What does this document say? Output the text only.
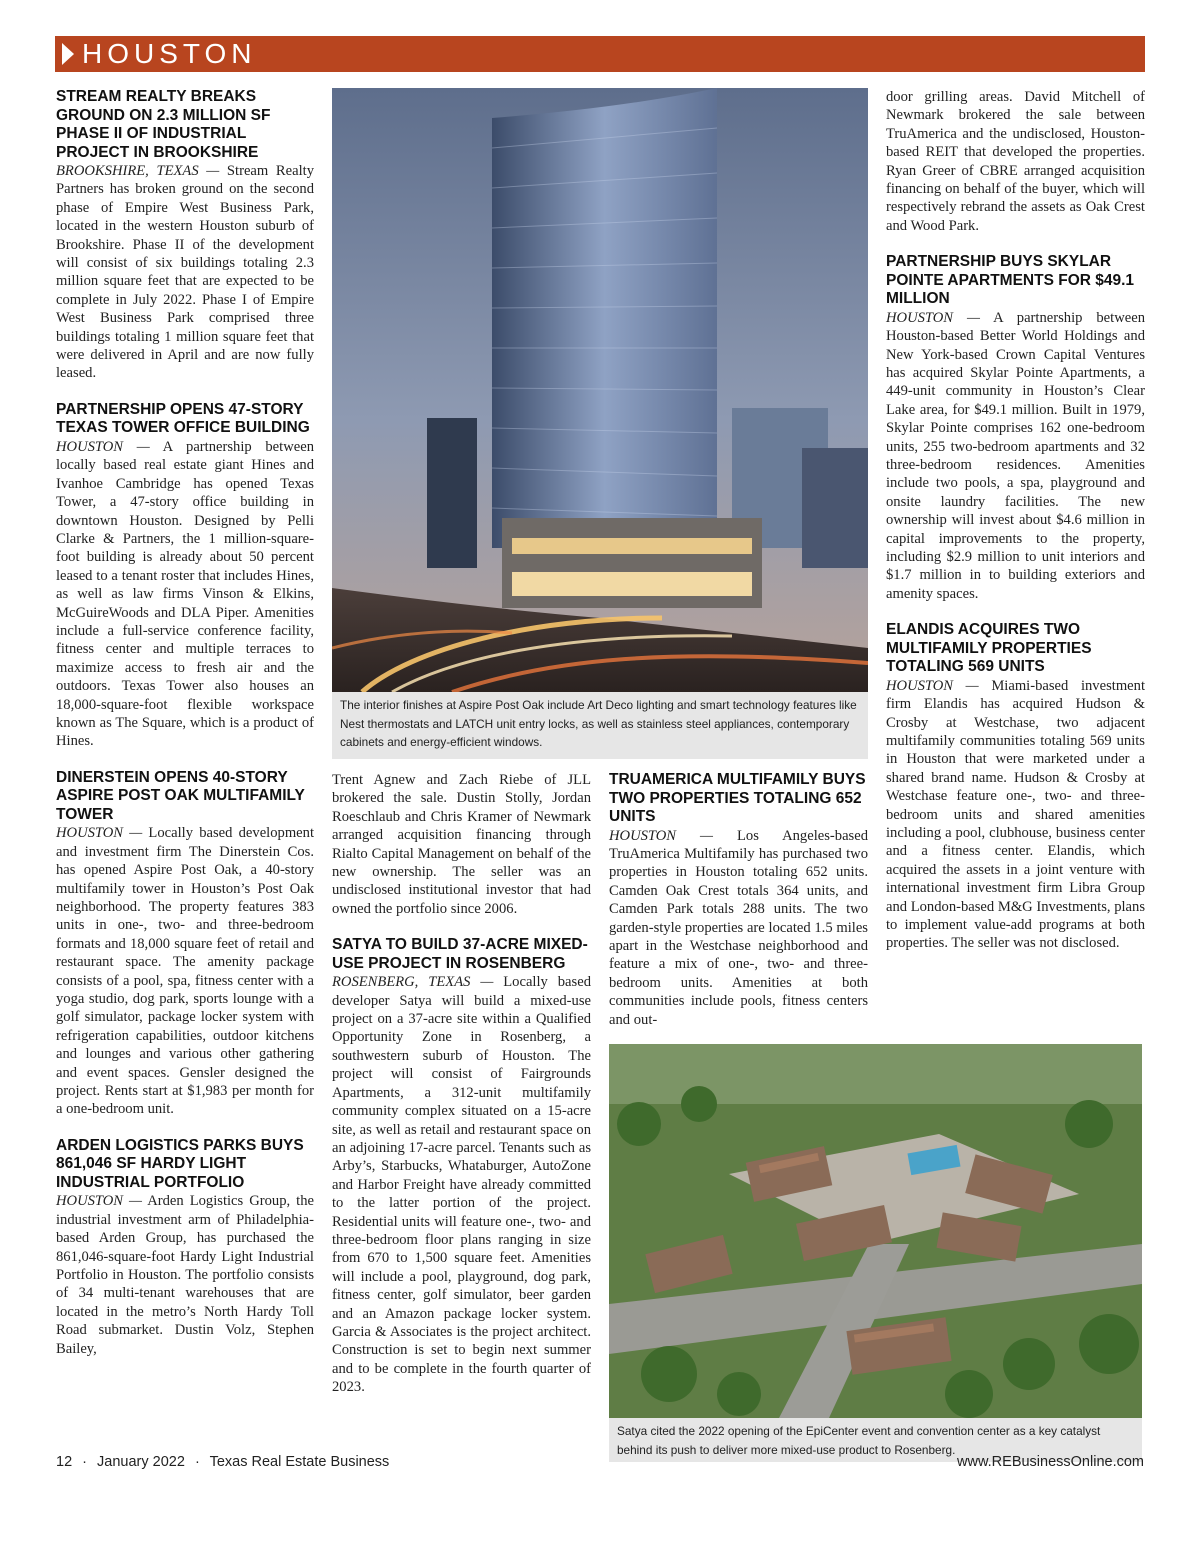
HOUSTON
STREAM REALTY BREAKS GROUND ON 2.3 MILLION SF PHASE II OF INDUSTRIAL PROJECT IN BROOKSHIRE
BROOKSHIRE, TEXAS — Stream Realty Partners has broken ground on the second phase of Empire West Business Park, located in the western Houston suburb of Brookshire. Phase II of the development will consist of six buildings totaling 2.3 million square feet that are expected to be complete in July 2022. Phase I of Empire West Business Park comprised three buildings totaling 1 million square feet that were delivered in April and are now fully leased.
PARTNERSHIP OPENS 47-STORY TEXAS TOWER OFFICE BUILDING
HOUSTON — A partnership between locally based real estate giant Hines and Ivanhoe Cambridge has opened Texas Tower, a 47-story office building in downtown Houston. Designed by Pelli Clarke & Partners, the 1 million-square-foot building is already about 50 percent leased to a tenant roster that includes Hines, as well as law firms Vinson & Elkins, McGuireWoods and DLA Piper. Amenities include a full-service conference facility, fitness center and multiple terraces to maximize access to fresh air and the outdoors. Texas Tower also houses an 18,000-square-foot flexible workspace known as The Square, which is a product of Hines.
DINERSTEIN OPENS 40-STORY ASPIRE POST OAK MULTIFAMILY TOWER
HOUSTON — Locally based development and investment firm The Dinerstein Cos. has opened Aspire Post Oak, a 40-story multifamily tower in Houston’s Post Oak neighborhood. The property features 383 units in one-, two- and three-bedroom formats and 18,000 square feet of retail and restaurant space. The amenity package consists of a pool, spa, fitness center with a yoga studio, dog park, sports lounge with a golf simulator, package locker system with refrigeration capabilities, outdoor kitchens and lounges and various other gathering and event spaces. Gensler designed the project. Rents start at $1,983 per month for a one-bedroom unit.
ARDEN LOGISTICS PARKS BUYS 861,046 SF HARDY LIGHT INDUSTRIAL PORTFOLIO
HOUSTON — Arden Logistics Group, the industrial investment arm of Philadelphia-based Arden Group, has purchased the 861,046-square-foot Hardy Light Industrial Portfolio in Houston. The portfolio consists of 34 multi-tenant warehouses that are located in the metro’s North Hardy Toll Road submarket. Dustin Volz, Stephen Bailey,
The interior finishes at Aspire Post Oak include Art Deco lighting and smart technology features like Nest thermostats and LATCH unit entry locks, as well as stainless steel appliances, contemporary cabinets and energy-efficient windows.
Trent Agnew and Zach Riebe of JLL brokered the sale. Dustin Stolly, Jordan Roeschlaub and Chris Kramer of Newmark arranged acquisition financing through Rialto Capital Management on behalf of the new ownership. The seller was an undisclosed institutional investor that had owned the portfolio since 2006.
SATYA TO BUILD 37-ACRE MIXED-USE PROJECT IN ROSENBERG
ROSENBERG, TEXAS — Locally based developer Satya will build a mixed-use project on a 37-acre site within a Qualified Opportunity Zone in Rosenberg, a southwestern suburb of Houston. The project will consist of Fairgrounds Apartments, a 312-unit multifamily community complex situated on a 15-acre site, as well as retail and restaurant space on an adjoining 17-acre parcel. Tenants such as Arby’s, Starbucks, Whataburger, AutoZone and Harbor Freight have already committed to the latter portion of the project. Residential units will feature one-, two- and three-bedroom floor plans ranging in size from 670 to 1,500 square feet. Amenities will include a pool, playground, dog park, fitness center, golf simulator, beer garden and an Amazon package locker system. Garcia & Associates is the project architect. Construction is set to begin next summer and to be complete in the fourth quarter of 2023.
TRUAMERICA MULTIFAMILY BUYS TWO PROPERTIES TOTALING 652 UNITS
HOUSTON — Los Angeles-based TruAmerica Multifamily has purchased two properties in Houston totaling 652 units. Camden Oak Crest totals 364 units, and Camden Park totals 288 units. The two garden-style properties are located 1.5 miles apart in the Westchase neighborhood and feature a mix of one-, two- and three-bedroom units. Amenities at both communities include pools, fitness centers and out-
door grilling areas. David Mitchell of Newmark brokered the sale between TruAmerica and the undisclosed, Houston-based REIT that developed the properties. Ryan Greer of CBRE arranged acquisition financing on behalf of the buyer, which will respectively rebrand the assets as Oak Crest and Wood Park.
PARTNERSHIP BUYS SKYLAR POINTE APARTMENTS FOR $49.1 MILLION
HOUSTON — A partnership between Houston-based Better World Holdings and New York-based Crown Capital Ventures has acquired Skylar Pointe Apartments, a 449-unit community in Houston’s Clear Lake area, for $49.1 million. Built in 1979, Skylar Pointe comprises 162 one-bedroom units, 255 two-bedroom apartments and 32 three-bedroom residences. Amenities include two pools, a spa, playground and onsite laundry facilities. The new ownership will invest about $4.6 million in capital improvements to the property, including $2.9 million to unit interiors and $1.7 million in to building exteriors and amenity spaces.
ELANDIS ACQUIRES TWO MULTIFAMILY PROPERTIES TOTALING 569 UNITS
HOUSTON — Miami-based investment firm Elandis has acquired Hudson & Crosby at Westchase, two adjacent multifamily communities totaling 569 units in Houston that were marketed under a shared brand name. Hudson & Crosby at Westchase feature one-, two- and three-bedroom units and shared amenities including a pool, clubhouse, business center and a fitness center. Elandis, which acquired the assets in a joint venture with international investment firm Libra Group and London-based M&G Investments, plans to implement value-add programs at both properties. The seller was not disclosed.
Satya cited the 2022 opening of the EpiCenter event and convention center as a key catalyst behind its push to deliver more mixed-use product to Rosenberg.
12 · January 2022 · Texas Real Estate Business	www.REBusinessOnline.com
